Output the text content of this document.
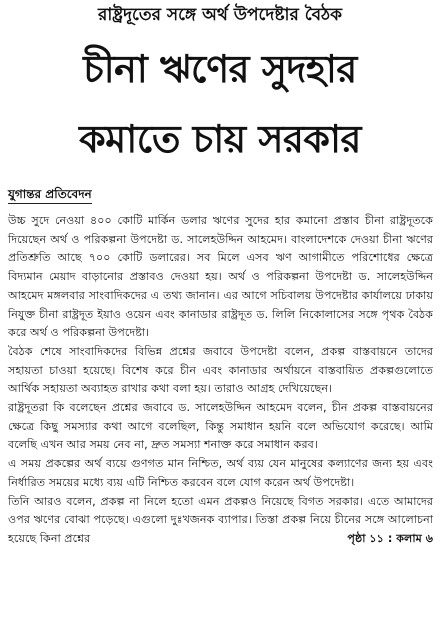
রাষ্ট্রদূতের সঙ্গে অর্থ উপদেষ্টার বৈঠক
চীনা ঋণের সুদহার
কমাতে চায় সরকার
যুগান্তর প্রতিবেদন

উচ্চ সুদে নেওয়া ৪০০ কোটি মার্কিন ডলার ঋণের সুদের হার কমানো প্রস্তাব চীনা রাষ্ট্রদূতকে দিয়েছেন অর্থ ও পরিকল্পনা উপদেষ্টা ড. সালেহউদ্দিন আহমেদ। বাংলাদেশকে দেওয়া চীনা ঋণের প্রতিশ্রুতি আছে ৭০০ কোটি ডলারের। সব মিলে এসব ঋণ আগামীতে পরিশোধের ক্ষেত্রে বিদ্যমান মেয়াদ বাড়ানোর প্রস্তাবও দেওয়া হয়। অর্থ ও পরিকল্পনা উপদেষ্টা ড. সালেহউদ্দিন আহমেদ মঙ্গলবার সাংবাদিকদের এ তথ্য জানান। এর আগে সচিবালয় উপদেষ্টার কার্যালয়ে ঢাকায় নিযুক্ত চীনা রাষ্ট্রদূত ইয়াও ওয়েন এবং কানাডার রাষ্ট্রদূত ড. লিলি নিকোলাসের সঙ্গে পৃথক বৈঠক করে অর্থ ও পরিকল্পনা উপদেষ্টা।

বৈঠক শেষে সাংবাদিকদের বিভিন্ন প্রশ্নের জবাবে উপদেষ্টা বলেন, প্রকল্প বাস্তবায়নে তাদের সহায়তা চাওয়া হয়েছে। বিশেষ করে চীন এবং কানাডার অর্থায়নে বাস্তবায়িত প্রকল্পগুলোতে আর্থিক সহায়তা অব্যাহত রাখার কথা বলা হয়। তারাও আগ্রহ দেখিয়েছেন।

রাষ্ট্রদূতরা কি বলেছেন প্রশ্নের জবাবে ড. সালেহউদ্দিন আহমেদ বলেন, চীন প্রকল্প বাস্তবায়নের ক্ষেত্রে কিছু সমস্যার কথা আগে বলেছিল, কিন্তু সমাধান হয়নি বলে অভিযোগ করেছে। আমি বলেছি এখন আর সময় নেব না, দ্রুত সমস্যা শনাক্ত করে সমাধান করব।

এ সময় প্রকল্পের অর্থ ব্যয়ে গুণগত মান নিশ্চিত, অর্থ ব্যয় যেন মানুষের কল্যাণের জন্য হয় এবং নির্ধারিত সময়ের মধ্যে ব্যয় এটি নিশ্চিত করবেন বলে যোগ করেন অর্থ উপদেষ্টা।

তিনি আরও বলেন, প্রকল্প না নিলে হতো এমন প্রকল্পও নিয়েছে বিগত সরকার। এতে আমাদের ওপর ঋণের বোঝা পড়েছে। এগুলো দুঃখজনক ব্যাপার। তিস্তা প্রকল্প নিয়ে চীনের সঙ্গে আলোচনা হয়েছে কিনা প্রশ্নের	পৃষ্ঠা ১১ : কলাম ৬
